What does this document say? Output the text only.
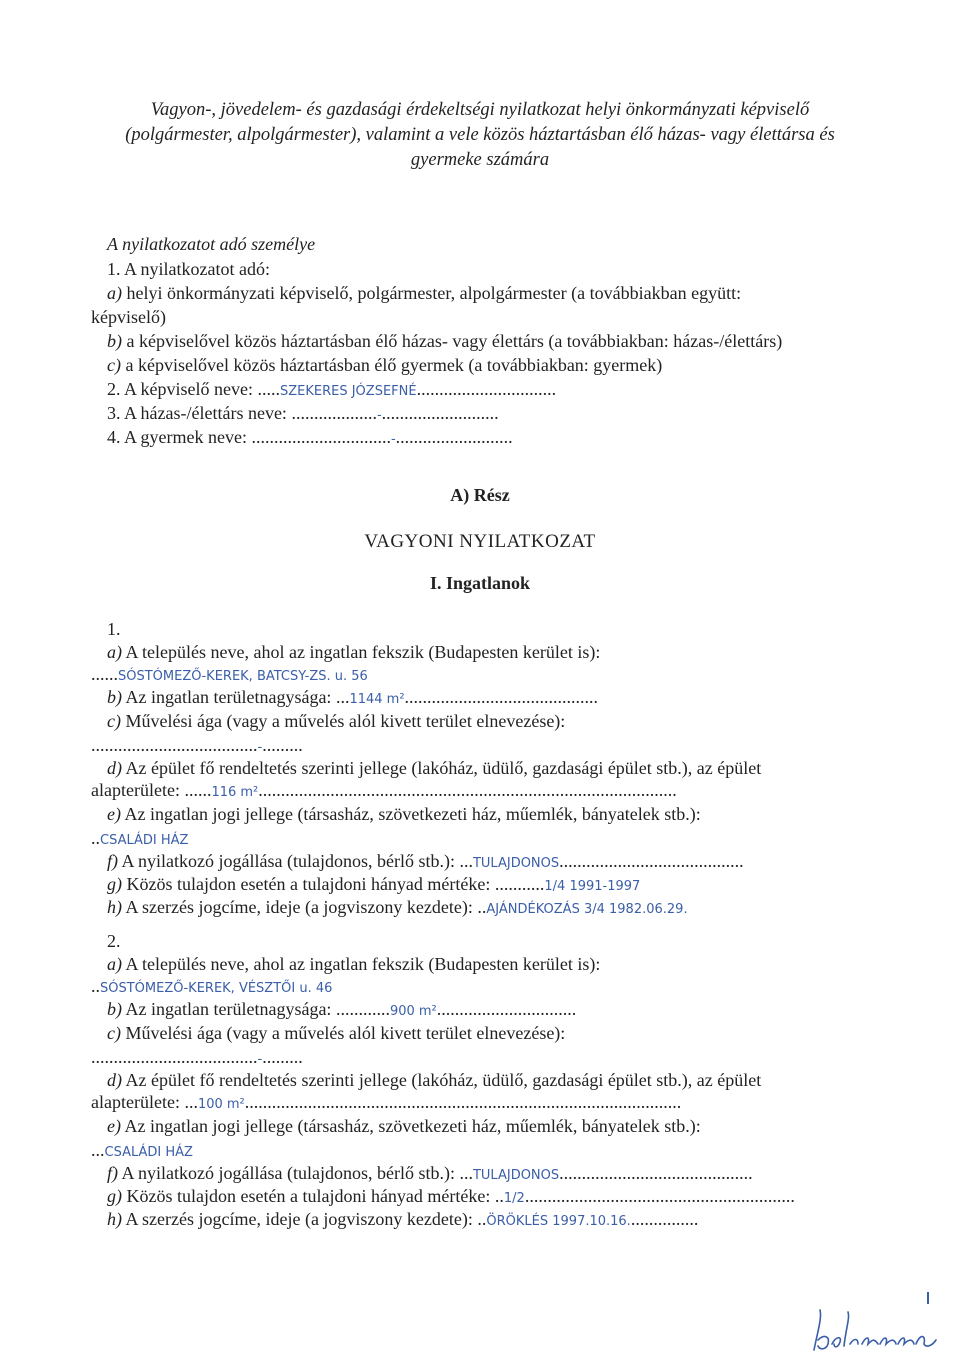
Vagyon-, jövedelem- és gazdasági érdekeltségi nyilatkozat helyi önkormányzati képviselő
(polgármester, alpolgármester), valamint a vele közös háztartásban élő házas- vagy élettársa és
gyermeke számára
A nyilatkozatot adó személye
1. A nyilatkozatot adó:
a) helyi önkormányzati képviselő, polgármester, alpolgármester (a továbbiakban együtt:
képviselő)
b) a képviselővel közös háztartásban élő házas- vagy élettárs (a továbbiakban: házas-/élettárs)
c) a képviselővel közös háztartásban élő gyermek (a továbbiakban: gyermek)
2. A képviselő neve: .....SZEKERES JÓZSEFNÉ...............................
3. A házas-/élettárs neve: ...................-..........................
4. A gyermek neve: ...............................-..........................
A) Rész
VAGYONI NYILATKOZAT
I. Ingatlanok
1.
a) A település neve, ahol az ingatlan fekszik (Budapesten kerület is):
......SÓSTÓMEZŐ-KEREK, BATCSY-ZS. u. 56
b) Az ingatlan területnagysága: ...1144 m²...........................................
c) Művelési ága (vagy a művelés alól kivett terület elnevezése):
.....................................-.........
d) Az épület fő rendeltetés szerinti jellege (lakóház, üdülő, gazdasági épület stb.), az épület
alapterülete: ......116 m².............................................................................................
e) Az ingatlan jogi jellege (társasház, szövetkezeti ház, műemlék, bányatelek stb.):
..CSALÁDI HÁZ
f) A nyilatkozó jogállása (tulajdonos, bérlő stb.): ...TULAJDONOS.........................................
g) Közös tulajdon esetén a tulajdoni hányad mértéke: ...........1/4 1991-1997
h) A szerzés jogcíme, ideje (a jogviszony kezdete): ..AJÁNDÉKOZÁS 3/4 1982.06.29.
2.
a) A település neve, ahol az ingatlan fekszik (Budapesten kerület is):
..SÓSTÓMEZŐ-KEREK, VÉSZTŐI u. 46
b) Az ingatlan területnagysága: ............900 m²...............................
c) Művelési ága (vagy a művelés alól kivett terület elnevezése):
.....................................-.........
d) Az épület fő rendeltetés szerinti jellege (lakóház, üdülő, gazdasági épület stb.), az épület
alapterülete: ...100 m².................................................................................................
e) Az ingatlan jogi jellege (társasház, szövetkezeti ház, műemlék, bányatelek stb.):
...CSALÁDI HÁZ
f) A nyilatkozó jogállása (tulajdonos, bérlő stb.): ...TULAJDONOS...........................................
g) Közös tulajdon esetén a tulajdoni hányad mértéke: ..1/2............................................................
h) A szerzés jogcíme, ideje (a jogviszony kezdete): ..ÖRÖKLÉS 1997.10.16................
